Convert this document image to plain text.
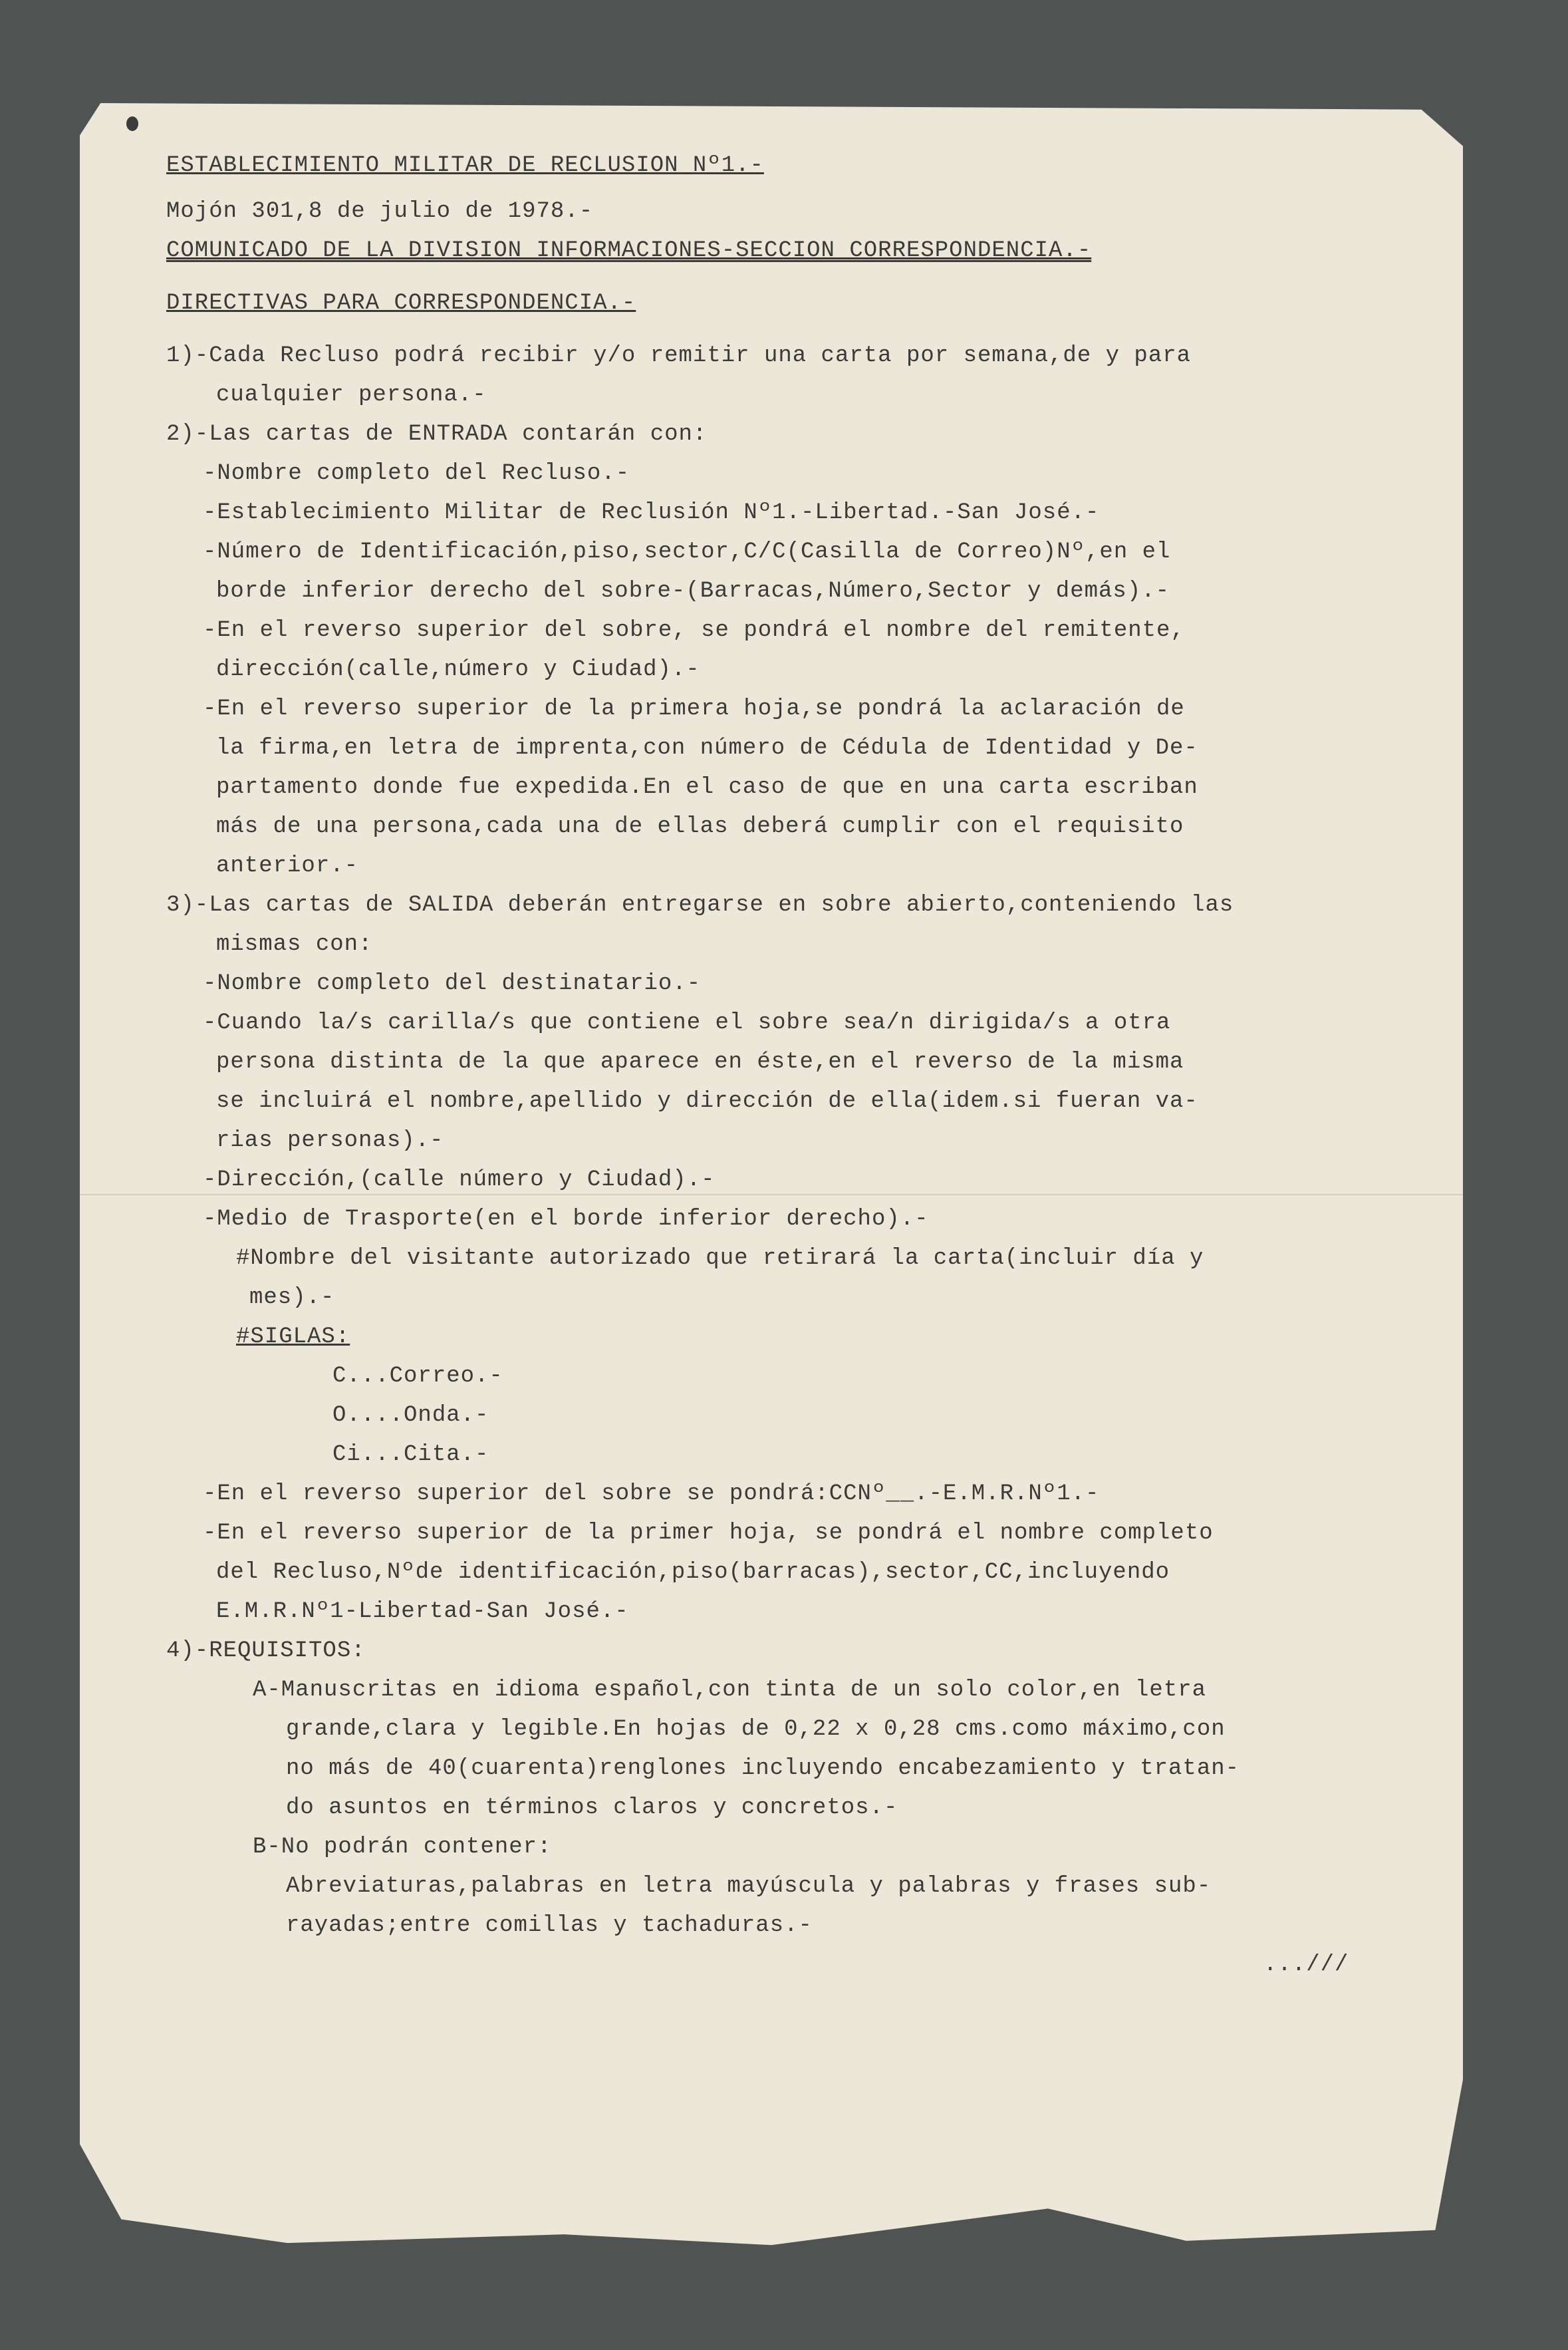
ESTABLECIMIENTO MILITAR DE RECLUSION Nº1.-
Mojón 301,8 de julio de 1978.-
COMUNICADO DE LA DIVISION INFORMACIONES-SECCION CORRESPONDENCIA.-
DIRECTIVAS PARA CORRESPONDENCIA.-
1)-Cada Recluso podrá recibir y/o remitir una carta por semana,de y para
cualquier persona.-
2)-Las cartas de ENTRADA contarán con:
-Nombre completo del Recluso.-
-Establecimiento Militar de Reclusión Nº1.-Libertad.-San José.-
-Número de Identificación,piso,sector,C/C(Casilla de Correo)Nº,en el
borde inferior derecho del sobre-(Barracas,Número,Sector y demás).-
-En el reverso superior del sobre, se pondrá el nombre del remitente,
dirección(calle,número y Ciudad).-
-En el reverso superior de la primera hoja,se pondrá la aclaración de
la firma,en letra de imprenta,con número de Cédula de Identidad y De-
partamento donde fue expedida.En el caso de que en una carta escriban
más de una persona,cada una de ellas deberá cumplir con el requisito
anterior.-
3)-Las cartas de SALIDA deberán entregarse en sobre abierto,conteniendo las
mismas con:
-Nombre completo del destinatario.-
-Cuando la/s carilla/s que contiene el sobre sea/n dirigida/s a otra
persona distinta de la que aparece en éste,en el reverso de la misma
se incluirá el nombre,apellido y dirección de ella(idem.si fueran va-
rias personas).-
-Dirección,(calle número y Ciudad).-
-Medio de Trasporte(en el borde inferior derecho).-
#Nombre del visitante autorizado que retirará la carta(incluir día y
mes).-
#SIGLAS:
C...Correo.-
O....Onda.-
Ci...Cita.-
-En el reverso superior del sobre se pondrá:CCNº__.-E.M.R.Nº1.-
-En el reverso superior de la primer hoja, se pondrá el nombre completo
del Recluso,Nºde identificación,piso(barracas),sector,CC,incluyendo
E.M.R.Nº1-Libertad-San José.-
4)-REQUISITOS:
A-Manuscritas en idioma español,con tinta de un solo color,en letra
grande,clara y legible.En hojas de 0,22 x 0,28 cms.como máximo,con
no más de 40(cuarenta)renglones incluyendo encabezamiento y tratan-
do asuntos en términos claros y concretos.-
B-No podrán contener:
Abreviaturas,palabras en letra mayúscula y palabras y frases sub-
rayadas;entre comillas y tachaduras.-
...///
